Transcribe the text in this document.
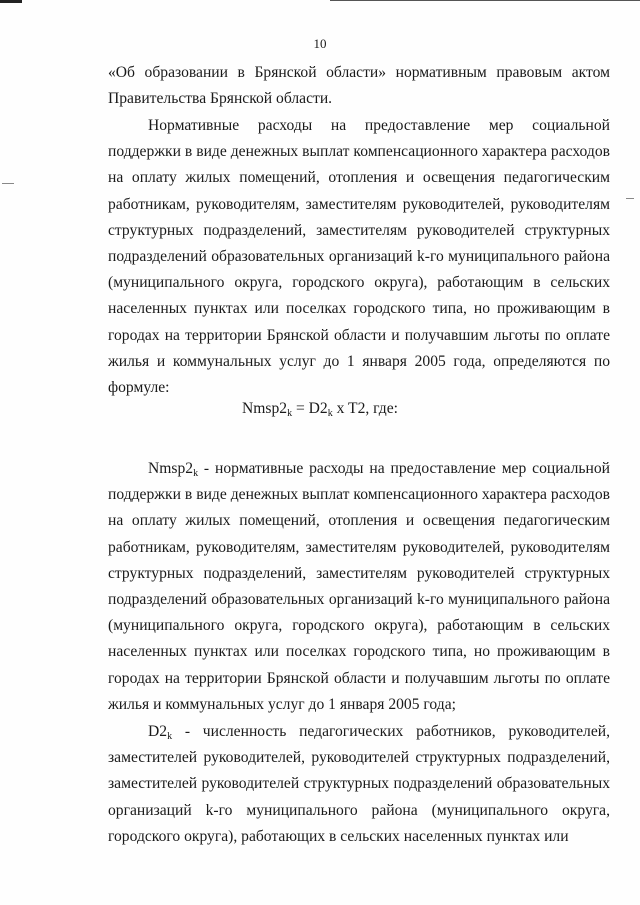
10

«Об образовании в Брянской области» нормативным правовым актом Правительства Брянской области.

Нормативные расходы на предоставление мер социальной поддержки в виде денежных выплат компенсационного характера расходов на оплату жилых помещений, отопления и освещения педагогическим работникам, руководителям, заместителям руководителей, руководителям структурных подразделений, заместителям руководителей структурных подразделений образовательных организаций k-го муниципального района (муниципального округа, городского округа), работающим в сельских населенных пунктах или поселках городского типа, но проживающим в городах на территории Брянской области и получавшим льготы по оплате жилья и коммунальных услуг до 1 января 2005 года, определяются по формуле:

$Nmsp2_k = D2_k$ x T2, где:

$Nmsp2_k$ - нормативные расходы на предоставление мер социальной поддержки в виде денежных выплат компенсационного характера расходов на оплату жилых помещений, отопления и освещения педагогическим работникам, руководителям, заместителям руководителей, руководителям структурных подразделений, заместителям руководителей структурных подразделений образовательных организаций k-го муниципального района (муниципального округа, городского округа), работающим в сельских населенных пунктах или поселках городского типа, но проживающим в городах на территории Брянской области и получавшим льготы по оплате жилья и коммунальных услуг до 1 января 2005 года;

$D2_k$ - численность педагогических работников, руководителей, заместителей руководителей, руководителей структурных подразделений, заместителей руководителей структурных подразделений образовательных организаций k-го муниципального района (муниципального округа, городского округа), работающих в сельских населенных пунктах или
